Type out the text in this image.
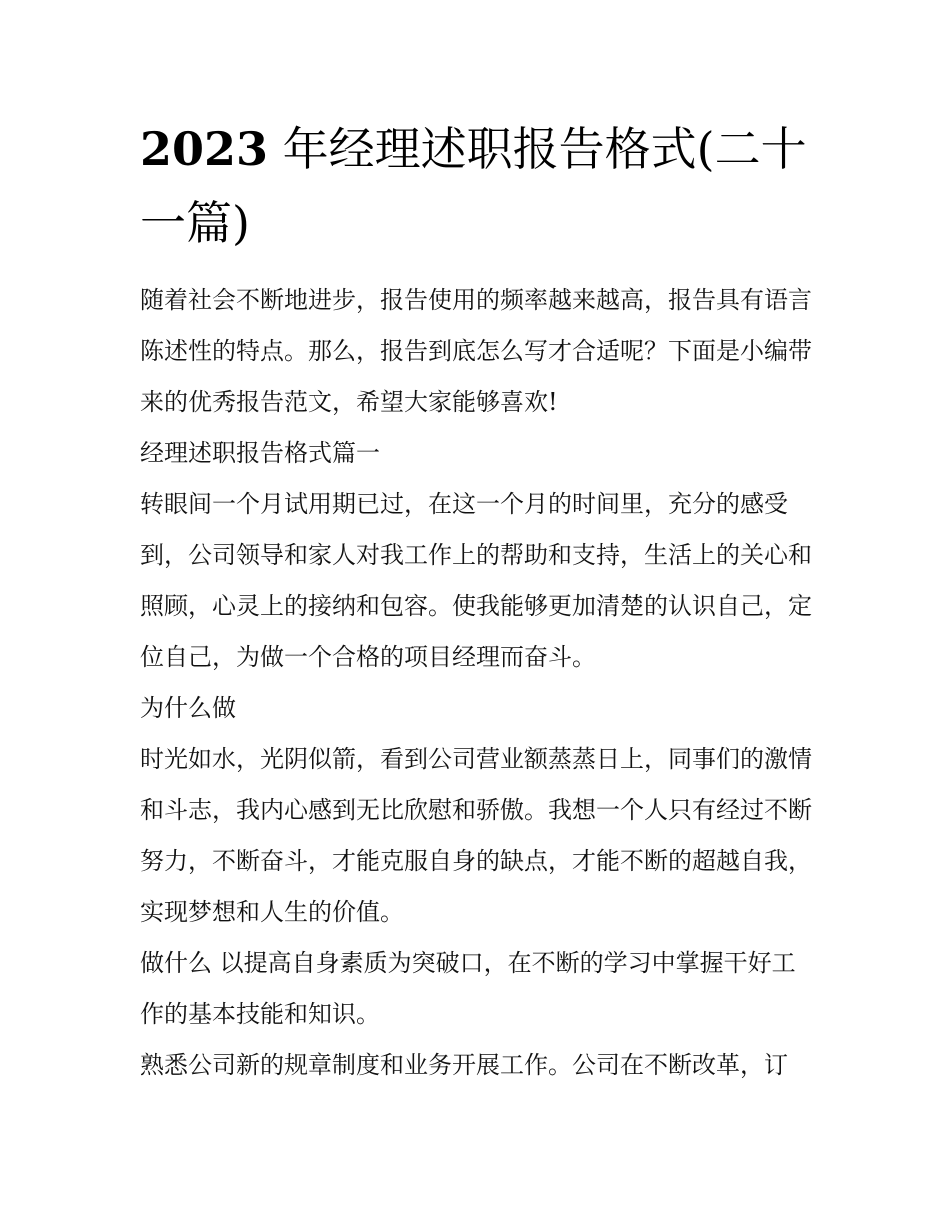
2023 年经理述职报告格式(二十一篇)

随着社会不断地进步，报告使用的频率越来越高，报告具有语言陈述性的特点。那么，报告到底怎么写才合适呢？下面是小编带来的优秀报告范文，希望大家能够喜欢!

经理述职报告格式篇一

转眼间一个月试用期已过，在这一个月的时间里，充分的感受到，公司领导和家人对我工作上的帮助和支持，生活上的关心和照顾，心灵上的接纳和包容。使我能够更加清楚的认识自己，定位自己，为做一个合格的项目经理而奋斗。

为什么做

时光如水，光阴似箭，看到公司营业额蒸蒸日上，同事们的激情和斗志，我内心感到无比欣慰和骄傲。我想一个人只有经过不断努力，不断奋斗，才能克服自身的缺点，才能不断的超越自我，实现梦想和人生的价值。

做什么 以提高自身素质为突破口，在不断的学习中掌握干好工作的基本技能和知识。

熟悉公司新的规章制度和业务开展工作。公司在不断改革，订
